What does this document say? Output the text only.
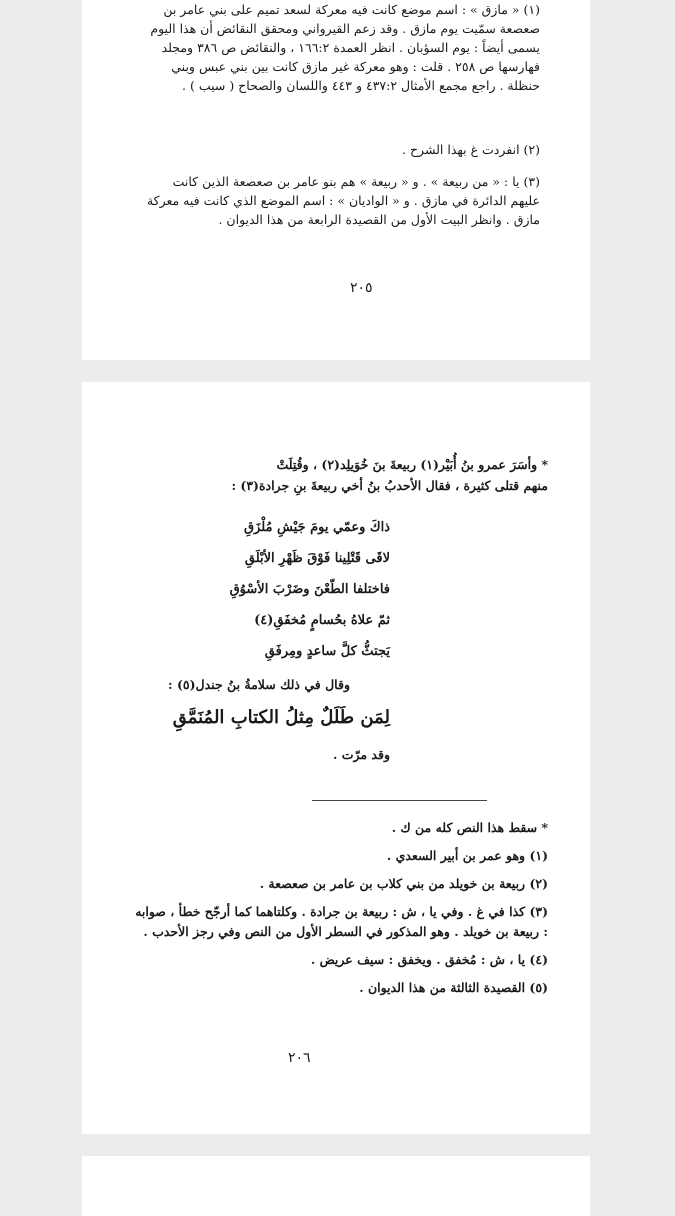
(١) « مازق » : اسم موضع كانت فيه معركة لسعد تميم على بني عامر بن صعصعة سمّيت يوم مازق . وقد زعم القيرواني ومحقق النقائض أن هذا اليوم يسمى أيضاً : يوم السؤبان . انظر العمدة ١٦٦:٢ ، والنقائض ص ٣٨٦ ومجلد فهارسها ص ٢٥٨ . قلت : وهو معركة غير مازق كانت بين بني عبس وبني حنظلة . راجع مجمع الأمثال ٤٣٧:٢ و ٤٤٣ واللسان والصحاح ( سيب ) .

(٢) انفردت غ بهذا الشرح .

(٣) يا : « من ربيعة » . و « ربيعة » هم بنو عامر بن صعصعة الذين كانت عليهم الدائرة في مازق . و « الواديان » : اسم الموضع الذي كانت فيه معركة مازق . وانظر البيت الأول من القصيدة الرابعة من هذا الديوان .

٢٠٥

* وأسَرَ عمرو بنُ أُبَيْر(١) ربيعةَ بنَ خُوَيلِد(٢) ، وقُتِلَتْ

منهم قتلى كثيرة ، فقال الأحدبُ بنُ أخي ربيعةَ بنِ جرادة(٣) :

ذاكَ وعمّي يومَ جَيْشِ مُلْزَقِ
لاقَى قَتْلِينا فَوْقَ ظَهْرِ الأبْلَقِ
فاختلفا الطّعْنَ وضَرْبَ الأسْوُقِ
ثمّ علاهُ بحُسامٍ مُخفَقِ(٤)
يَجتثُّ كلَّ ساعدٍ ومِرفَقِ
وقال في ذلك سلامةُ بنُ جندل(٥) :
لِمَن طَلَلٌ مِثلُ الكتابِ المُنَمَّقِ
وقد مرّت .

* سقط هذا النص كله من ك .

(١) وهو عمر بن أبير السعدي .

(٢) ربيعة بن خويلد من بني كلاب بن عامر بن صعصعة .

(٣) كذا في غ . وفي يا ، ش : ربيعة بن جرادة . وكلتاهما كما أرجّح خطأ ، صوابه : ربيعة بن خويلد . وهو المذكور في السطر الأول من النص وفي رجز الأحدب .

(٤) يا ، ش : مُخفق . ويخفق : سيف عريض .

(٥) القصيدة الثالثة من هذا الديوان .

٢٠٦
